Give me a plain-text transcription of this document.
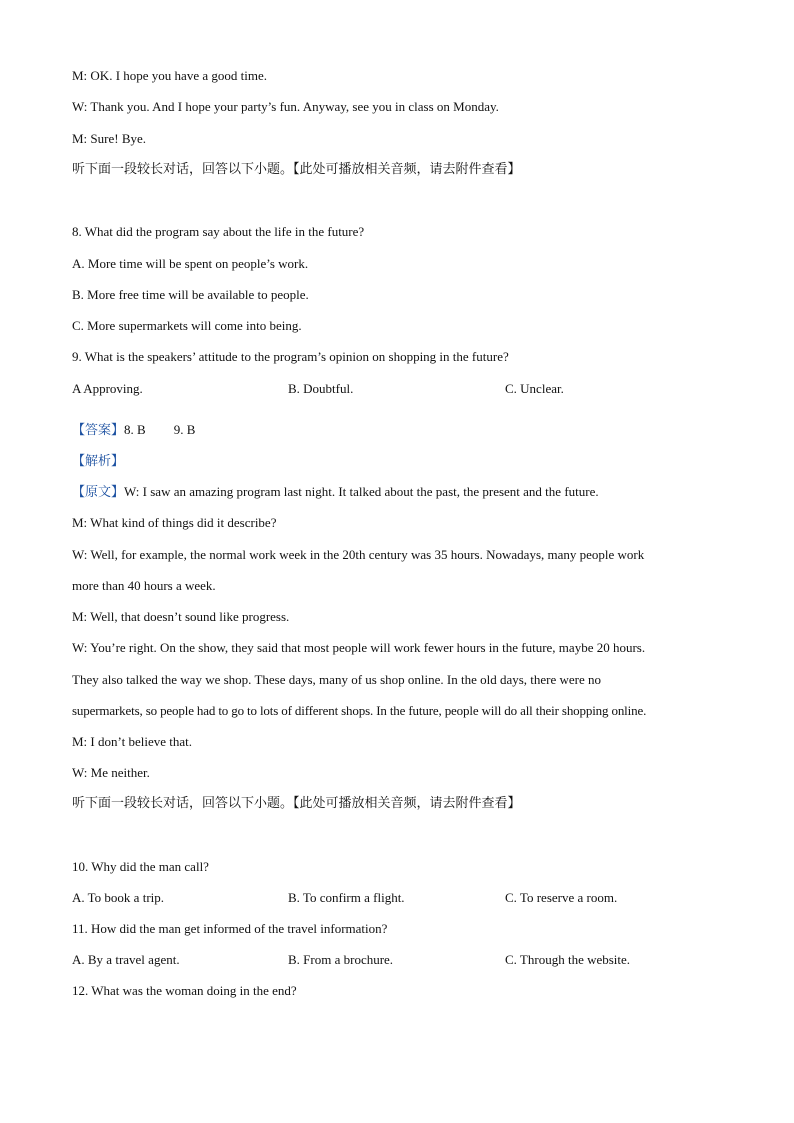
M: OK. I hope you have a good time.
W: Thank you. And I hope your party’s fun. Anyway, see you in class on Monday.
M: Sure! Bye.
听下面一段较长对话，回答以下小题。【此处可播放相关音频，请去附件查看】
8. What did the program say about the life in the future?
A. More time will be spent on people’s work.
B. More free time will be available to people.
C. More supermarkets will come into being.
9. What is the speakers’ attitude to the program’s opinion on shopping in the future?
A Approving.	B. Doubtful.	C. Unclear.
【答案】8. B 9. B
【解析】
【原文】W: I saw an amazing program last night. It talked about the past, the present and the future.
M: What kind of things did it describe?
W: Well, for example, the normal work week in the 20th century was 35 hours. Nowadays, many people work
more than 40 hours a week.
M: Well, that doesn’t sound like progress.
W: You’re right. On the show, they said that most people will work fewer hours in the future, maybe 20 hours.
They also talked the way we shop. These days, many of us shop online. In the old days, there were no
supermarkets, so people had to go to lots of different shops. In the future, people will do all their shopping online.
M: I don’t believe that.
W: Me neither.
听下面一段较长对话，回答以下小题。【此处可播放相关音频，请去附件查看】
10. Why did the man call?
A. To book a trip.	B. To confirm a flight.	C. To reserve a room.
11. How did the man get informed of the travel information?
A. By a travel agent.	B. From a brochure.	C. Through the website.
12. What was the woman doing in the end?
